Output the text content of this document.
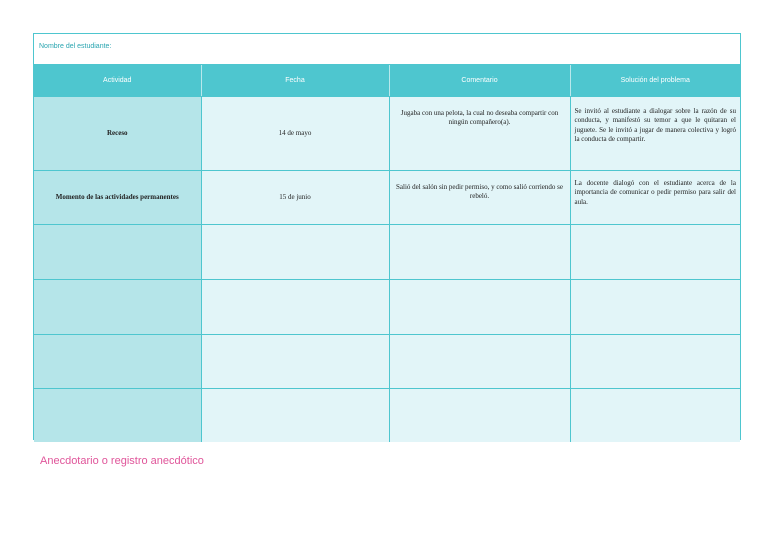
Nombre del estudiante:
Actividad	Fecha	Comentario	Solución del problema
Receso	14 de mayo	Jugaba con una pelota, la cual no deseaba compartir con ningún compañero(a).	Se invitó al estudiante a dialogar sobre la razón de su conducta, y manifestó su temor a que le quitaran el juguete. Se le invitó a jugar de manera colectiva y logró la conducta de compartir.
Momento de las actividades permanentes	15 de junio	Salió del salón sin pedir permiso, y como salió corriendo se rebeló.	La docente dialogó con el estudiante acerca de la importancia de comunicar o pedir permiso para salir del aula.

Anecdotario o registro anecdótico
